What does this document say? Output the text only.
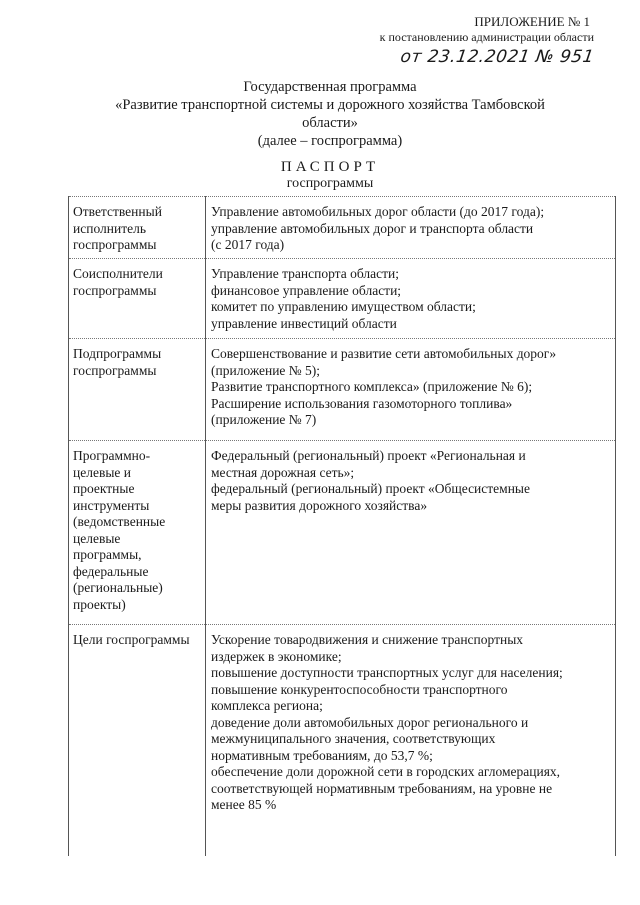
ПРИЛОЖЕНИЕ № 1
к постановлению администрации области
от 23.12.2021 № 951
Государственная программа
«Развитие транспортной системы и дорожного хозяйства Тамбовской
области»
(далее – госпрограмма)
ПАСПОРТ
госпрограммы
Ответственный
исполнитель
госпрограммы
Управление автомобильных дорог области (до 2017 года);
управление автомобильных дорог и транспорта области
(с 2017 года)
Соисполнители
госпрограммы
Управление транспорта области;
финансовое управление области;
комитет по управлению имуществом области;
управление инвестиций области
Подпрограммы
госпрограммы
Совершенствование и развитие сети автомобильных дорог»
(приложение № 5);
Развитие транспортного комплекса» (приложение № 6);
Расширение использования газомоторного топлива»
(приложение № 7)
Программно-
целевые и
проектные
инструменты
(ведомственные
целевые
программы,
федеральные
(региональные)
проекты)
Федеральный (региональный) проект «Региональная и
местная дорожная сеть»;
федеральный (региональный) проект «Общесистемные
меры развития дорожного хозяйства»
Цели госпрограммы	Ускорение товародвижения и снижение транспортных
издержек в экономике;
повышение доступности транспортных услуг для населения;
повышение конкурентоспособности транспортного
комплекса региона;
доведение доли автомобильных дорог регионального и
межмуниципального значения, соответствующих
нормативным требованиям, до 53,7 %;
обеспечение доли дорожной сети в городских агломерациях,
соответствующей нормативным требованиям, на уровне не
менее 85 %
